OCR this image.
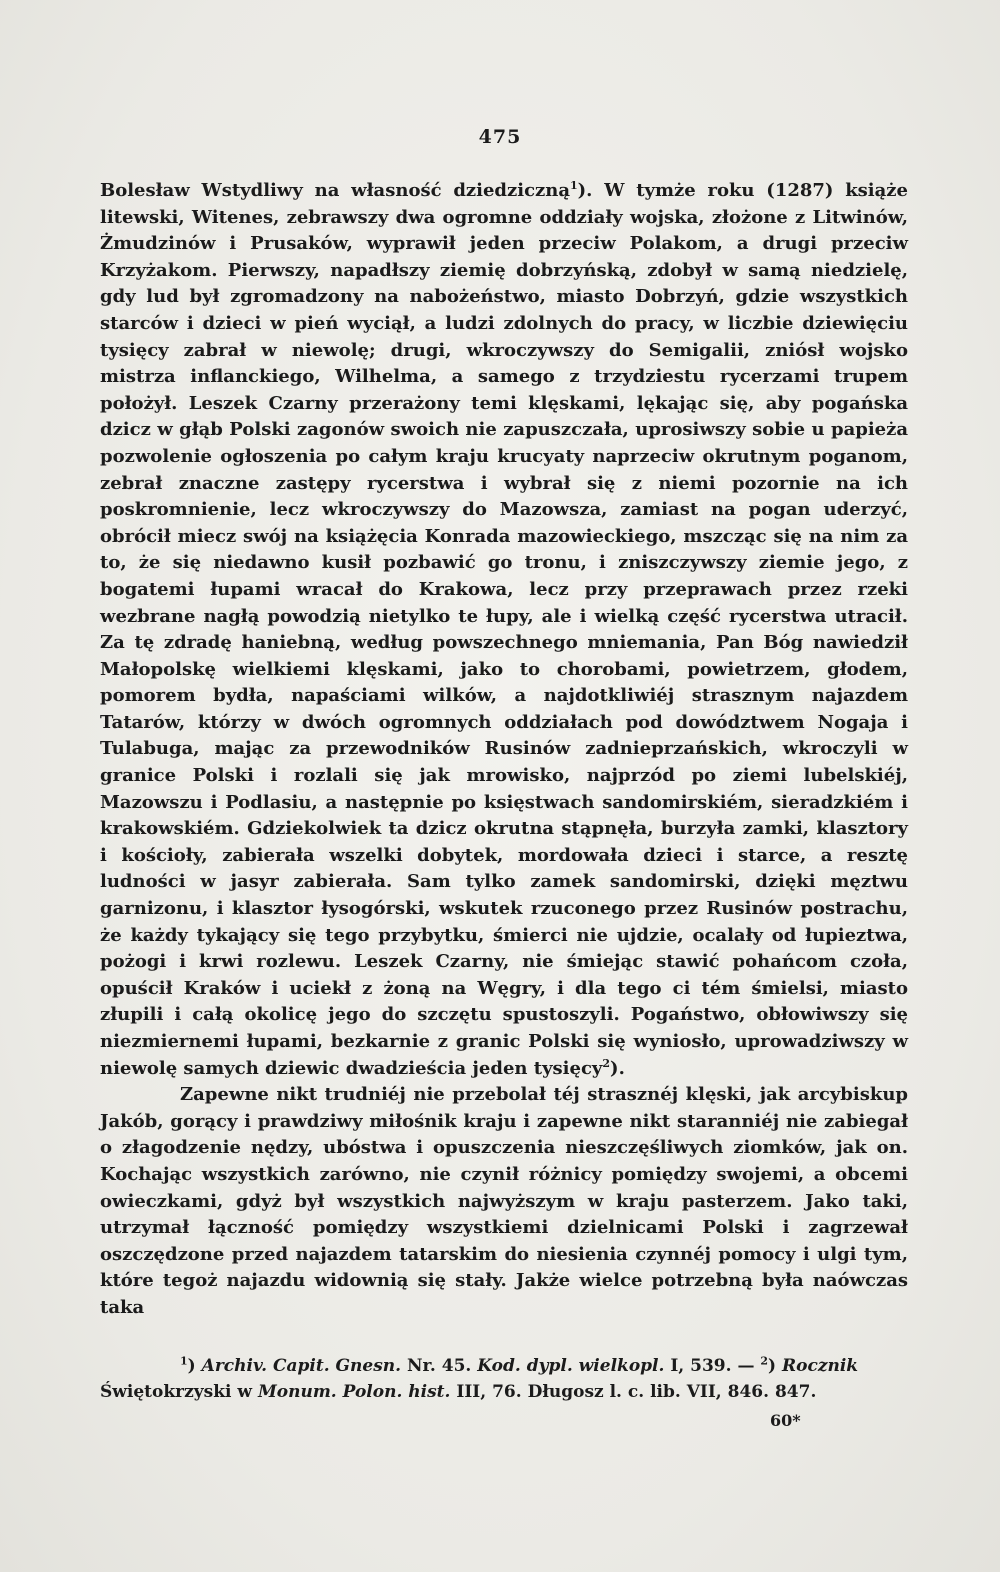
475

Bolesław Wstydliwy na własność dziedziczną$^1$). W tymże roku (1287) książe litewski, Witenes, zebrawszy dwa ogromne oddziały wojska, złożone z Litwinów, Żmudzinów i Prusaków, wyprawił jeden przeciw Polakom, a drugi przeciw Krzyżakom. Pierwszy, napadłszy ziemię dobrzyńską, zdobył w samą niedzielę, gdy lud był zgromadzony na nabożeństwo, miasto Dobrzyń, gdzie wszystkich starców i dzieci w pień wyciął, a ludzi zdolnych do pracy, w liczbie dziewięciu tysięcy zabrał w niewolę; drugi, wkroczywszy do Semigalii, zniósł wojsko mistrza inflanckiego, Wilhelma, a samego z trzydziestu rycerzami trupem położył. Leszek Czarny przerażony temi klęskami, lękając się, aby pogańska dzicz w głąb Polski zagonów swoich nie zapuszczała, uprosiwszy sobie u papieża pozwolenie ogłoszenia po całym kraju krucyaty naprzeciw okrutnym poganom, zebrał znaczne zastępy rycerstwa i wybrał się z niemi pozornie na ich poskromnienie, lecz wkroczywszy do Mazowsza, zamiast na pogan uderzyć, obrócił miecz swój na książęcia Konrada mazowieckiego, mszcząc się na nim za to, że się niedawno kusił pozbawić go tronu, i zniszczywszy ziemie jego, z bogatemi łupami wracał do Krakowa, lecz przy przeprawach przez rzeki wezbrane nagłą powodzią nietylko te łupy, ale i wielką część rycerstwa utracił. Za tę zdradę haniebną, według powszechnego mniemania, Pan Bóg nawiedził Małopolskę wielkiemi klęskami, jako to chorobami, powietrzem, głodem, pomorem bydła, napaściami wilków, a najdotkliwiéj strasznym najazdem Tatarów, którzy w dwóch ogromnych oddziałach pod dowództwem Nogaja i Tulabuga, mając za przewodników Rusinów zadnieprzańskich, wkroczyli w granice Polski i rozlali się jak mrowisko, najprzód po ziemi lubelskiéj, Mazowszu i Podlasiu, a następnie po księstwach sandomirskiém, sieradzkiém i krakowskiém. Gdziekolwiek ta dzicz okrutna stąpnęła, burzyła zamki, klasztory i kościoły, zabierała wszelki dobytek, mordowała dzieci i starce, a resztę ludności w jasyr zabierała. Sam tylko zamek sandomirski, dzięki męztwu garnizonu, i klasztor łysogórski, wskutek rzuconego przez Rusinów postrachu, że każdy tykający się tego przybytku, śmierci nie ujdzie, ocalały od łupieztwa, pożogi i krwi rozlewu. Leszek Czarny, nie śmiejąc stawić pohańcom czoła, opuścił Kraków i uciekł z żoną na Węgry, i dla tego ci tém śmielsi, miasto złupili i całą okolicę jego do szczętu spustoszyli. Pogaństwo, obłowiwszy się niezmiernemi łupami, bezkarnie z granic Polski się wyniosło, uprowadziwszy w niewolę samych dziewic dwadzieścia jeden tysięcy$^2$).

Zapewne nikt trudniéj nie przebolał téj strasznéj klęski, jak arcybiskup Jakób, gorący i prawdziwy miłośnik kraju i zapewne nikt staranniéj nie zabiegał o złagodzenie nędzy, ubóstwa i opuszczenia nieszczęśliwych ziomków, jak on. Kochając wszystkich zarówno, nie czynił różnicy pomiędzy swojemi, a obcemi owieczkami, gdyż był wszystkich najwyższym w kraju pasterzem. Jako taki, utrzymał łączność pomiędzy wszystkiemi dzielnicami Polski i zagrzewał oszczędzone przed najazdem tatarskim do niesienia czynnéj pomocy i ulgi tym, które tegoż najazdu widownią się stały. Jakże wielce potrzebną była naówczas taka

$^1$) Archiv. Capit. Gnesn. Nr. 45. Kod. dypl. wielkopl. I, 539. — $^2$) Rocznik

Świętokrzyski w Monum. Polon. hist. III, 76. Długosz l. c. lib. VII, 846. 847.

60*
